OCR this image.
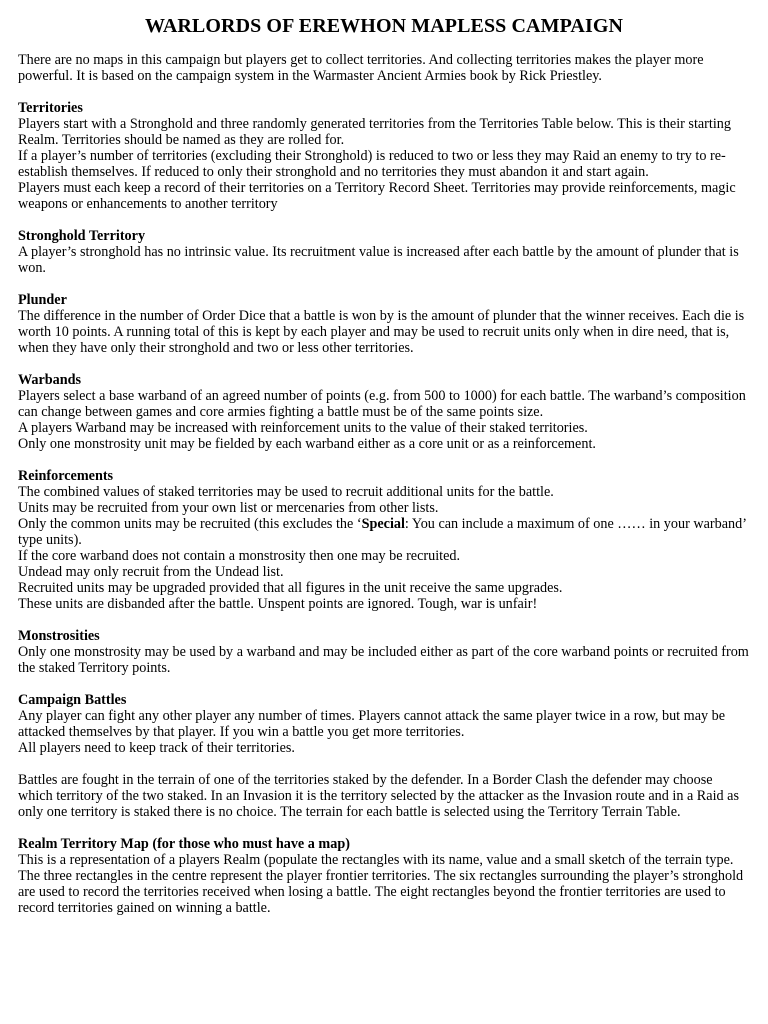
WARLORDS OF EREWHON MAPLESS CAMPAIGN

There are no maps in this campaign but players get to collect territories. And collecting territories makes the player more powerful. It is based on the campaign system in the Warmaster Ancient Armies book by Rick Priestley.

Territories

Players start with a Stronghold and three randomly generated territories from the Territories Table below. This is their starting Realm. Territories should be named as they are rolled for.
If a player’s number of territories (excluding their Stronghold) is reduced to two or less they may Raid an enemy to try to re-establish themselves. If reduced to only their stronghold and no territories they must abandon it and start again.
Players must each keep a record of their territories on a Territory Record Sheet. Territories may provide reinforcements, magic weapons or enhancements to another territory

Stronghold Territory

A player’s stronghold has no intrinsic value. Its recruitment value is increased after each battle by the amount of plunder that is won.

Plunder

The difference in the number of Order Dice that a battle is won by is the amount of plunder that the winner receives. Each die is worth 10 points. A running total of this is kept by each player and may be used to recruit units only when in dire need, that is, when they have only their stronghold and two or less other territories.

Warbands

Players select a base warband of an agreed number of points (e.g. from 500 to 1000) for each battle. The warband’s composition can change between games and core armies fighting a battle must be of the same points size.
A players Warband may be increased with reinforcement units to the value of their staked territories.
Only one monstrosity unit may be fielded by each warband either as a core unit or as a reinforcement.

Reinforcements

The combined values of staked territories may be used to recruit additional units for the battle.
Units may be recruited from your own list or mercenaries from other lists.
Only the common units may be recruited (this excludes the ‘Special: You can include a maximum of one …… in your warband’ type units).
If the core warband does not contain a monstrosity then one may be recruited.
Undead may only recruit from the Undead list.
Recruited units may be upgraded provided that all figures in the unit receive the same upgrades.
These units are disbanded after the battle. Unspent points are ignored. Tough, war is unfair!

Monstrosities

Only one monstrosity may be used by a warband and may be included either as part of the core warband points or recruited from the staked Territory points.

Campaign Battles

Any player can fight any other player any number of times. Players cannot attack the same player twice in a row, but may be attacked themselves by that player. If you win a battle you get more territories.
All players need to keep track of their territories.
Battles are fought in the terrain of one of the territories staked by the defender. In a Border Clash the defender may choose which territory of the two staked. In an Invasion it is the territory selected by the attacker as the Invasion route and in a Raid as only one territory is staked there is no choice. The terrain for each battle is selected using the Territory Terrain Table.

Realm Territory Map (for those who must have a map)

This is a representation of a players Realm (populate the rectangles with its name, value and a small sketch of the terrain type. The three rectangles in the centre represent the player frontier territories. The six rectangles surrounding the player’s stronghold are used to record the territories received when losing a battle. The eight rectangles beyond the frontier territories are used to record territories gained on winning a battle.
